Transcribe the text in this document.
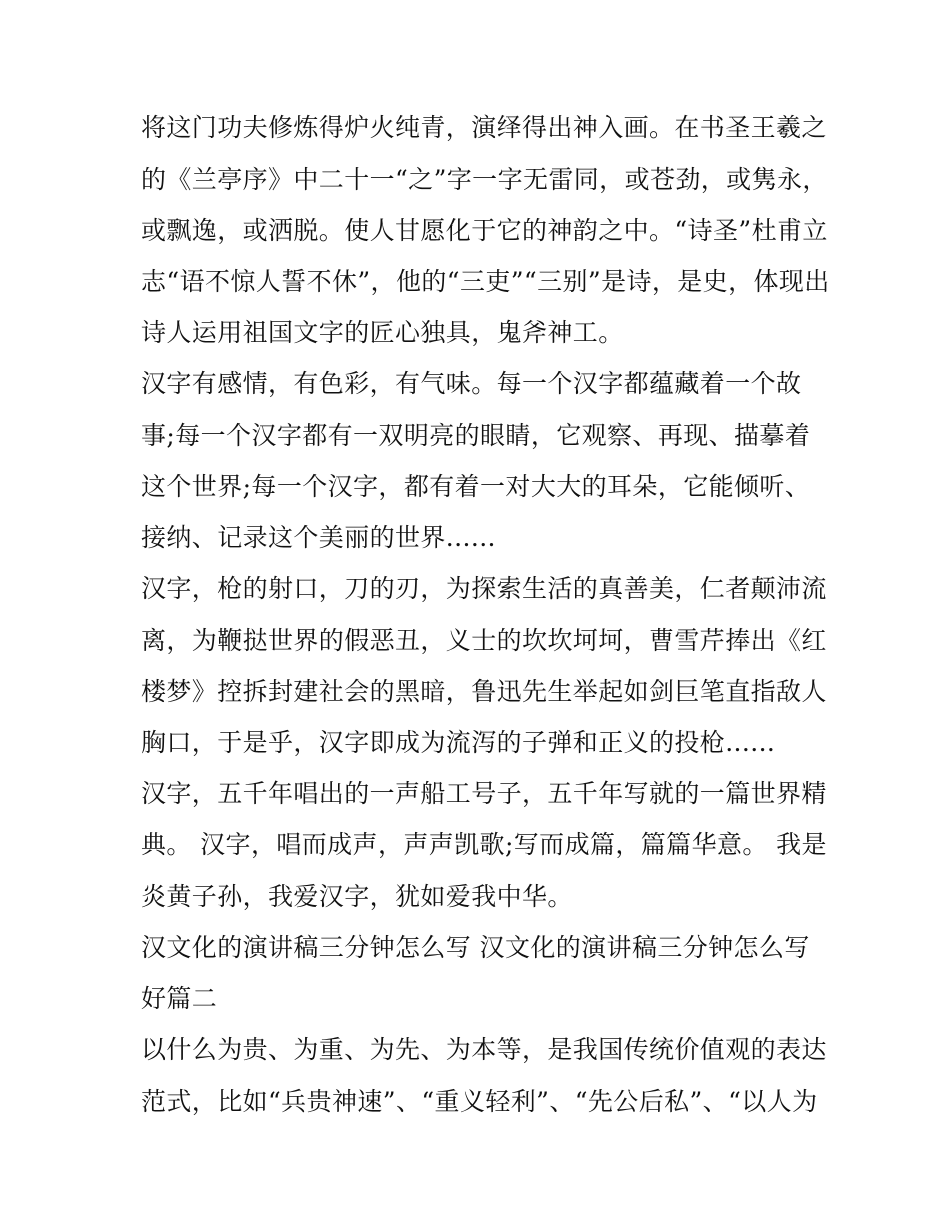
将这门功夫修炼得炉火纯青，演绎得出神入画。在书圣王羲之
的《兰亭序》中二十一“之”字一字无雷同，或苍劲，或隽永，
或飘逸，或洒脱。使人甘愿化于它的神韵之中。“诗圣”杜甫立
志“语不惊人誓不休”，他的“三吏”“三别”是诗，是史，体现出
诗人运用祖国文字的匠心独具，鬼斧神工。
汉字有感情，有色彩，有气味。每一个汉字都蕴藏着一个故
事;每一个汉字都有一双明亮的眼睛，它观察、再现、描摹着
这个世界;每一个汉字，都有着一对大大的耳朵，它能倾听、
接纳、记录这个美丽的世界......
汉字，枪的射口，刀的刃，为探索生活的真善美，仁者颠沛流
离，为鞭挞世界的假恶丑，义士的坎坎坷坷，曹雪芹捧出《红
楼梦》控拆封建社会的黑暗，鲁迅先生举起如剑巨笔直指敌人
胸口，于是乎，汉字即成为流泻的子弹和正义的投枪......
汉字，五千年唱出的一声船工号子，五千年写就的一篇世界精
典。 汉字，唱而成声，声声凯歌;写而成篇，篇篇华意。 我是
炎黄子孙，我爱汉字，犹如爱我中华。
汉文化的演讲稿三分钟怎么写 汉文化的演讲稿三分钟怎么写
好篇二
以什么为贵、为重、为先、为本等，是我国传统价值观的表达
范式，比如“兵贵神速”、“重义轻利”、“先公后私”、“以人为
